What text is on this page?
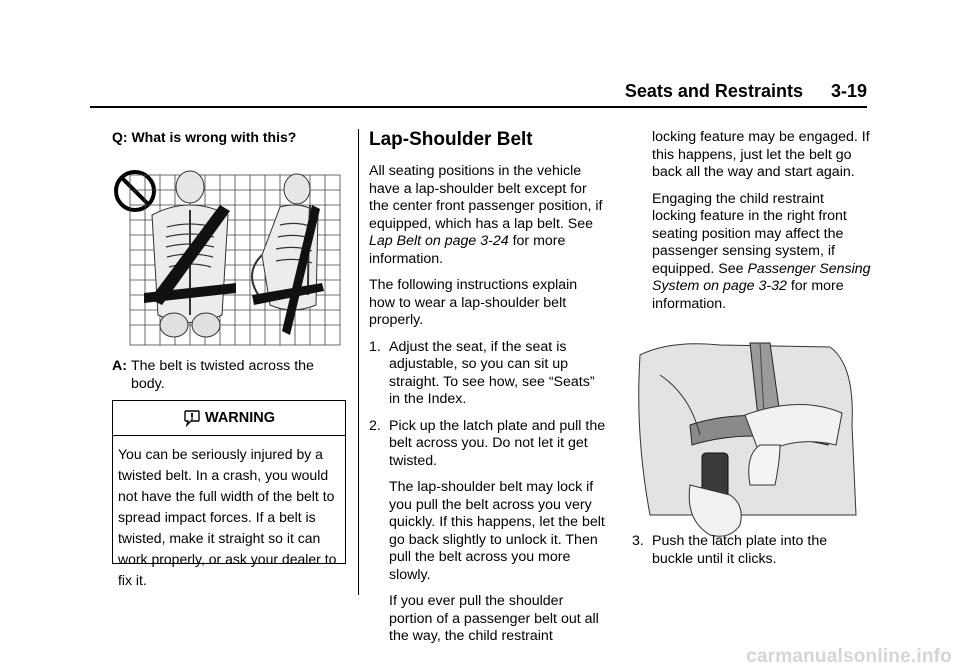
Seats and Restraints 3-19

Q: What is wrong with this?

A: The belt is twisted across the body.
WARNING
You can be seriously injured by a twisted belt. In a crash, you would not have the full width of the belt to spread impact forces. If a belt is twisted, make it straight so it can work properly, or ask your dealer to fix it.
Lap-Shoulder Belt

All seating positions in the vehicle have a lap-shoulder belt except for the center front passenger position, if equipped, which has a lap belt. See Lap Belt on page 3-24 for more information.

The following instructions explain how to wear a lap-shoulder belt properly.

1. Adjust the seat, if the seat is adjustable, so you can sit up straight. To see how, see “Seats” in the Index.
2. Pick up the latch plate and pull the belt across you. Do not let it get twisted.

The lap-shoulder belt may lock if you pull the belt across you very quickly. If this happens, let the belt go back slightly to unlock it. Then pull the belt across you more slowly.

If you ever pull the shoulder portion of a passenger belt out all the way, the child restraint

locking feature may be engaged. If this happens, just let the belt go back all the way and start again.

Engaging the child restraint locking feature in the right front seating position may affect the passenger sensing system, if equipped. See Passenger Sensing System on page 3-32 for more information.

3. Push the latch plate into the buckle until it clicks.
carmanualsonline.info
